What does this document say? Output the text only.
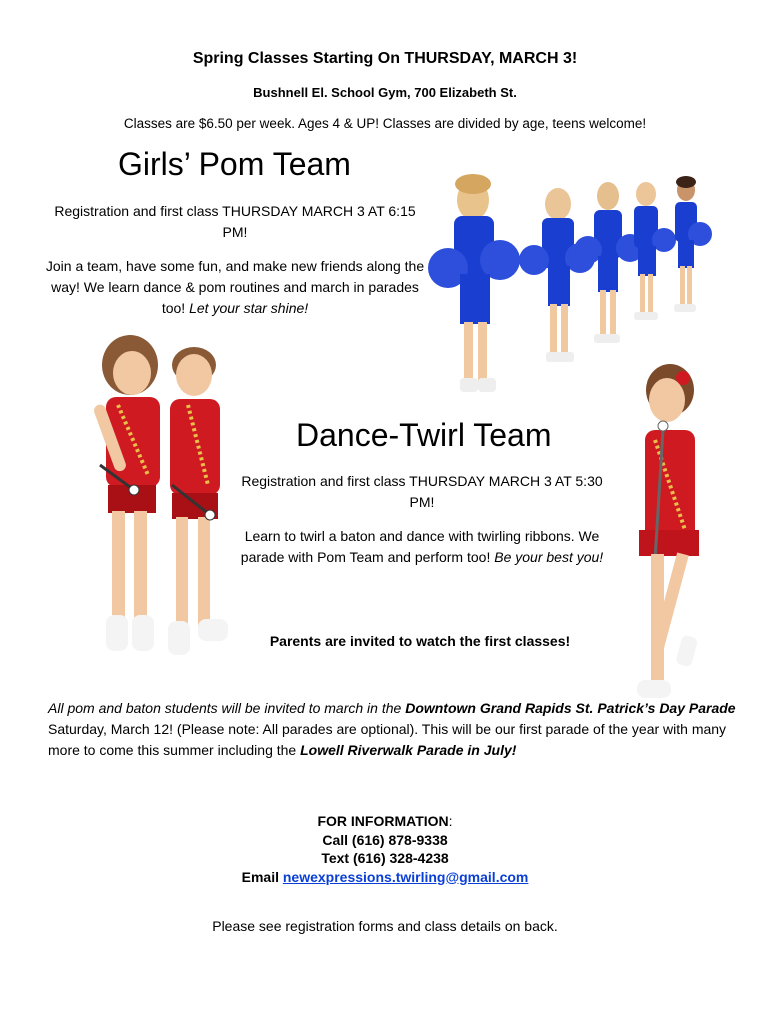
Spring Classes Starting On THURSDAY, MARCH 3!
Bushnell El. School Gym, 700 Elizabeth St.
Classes are $6.50 per week. Ages 4 & UP! Classes are divided by age, teens welcome!
Girls’ Pom Team
Registration and first class THURSDAY MARCH 3 AT 6:15 PM!
Join a team, have some fun, and make new friends along the way! We learn dance & pom routines and march in parades too! Let your star shine!
Dance-Twirl Team
Registration and first class THURSDAY MARCH 3 AT 5:30 PM!
Learn to twirl a baton and dance with twirling ribbons. We parade with Pom Team and perform too! Be your best you!
Parents are invited to watch the first classes!
All pom and baton students will be invited to march in the Downtown Grand Rapids St. Patrick’s Day Parade Saturday, March 12! (Please note: All parades are optional). This will be our first parade of the year with many more to come this summer including the Lowell Riverwalk Parade in July!
FOR INFORMATION:
Call (616) 878-9338
Text (616) 328-4238
Email newexpressions.twirling@gmail.com
Please see registration forms and class details on back.
